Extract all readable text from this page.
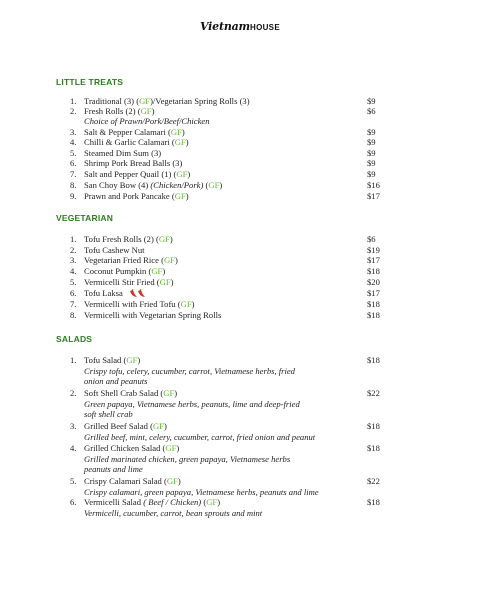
VietnamHOUSE
LITTLE TREATS
1. Traditional (3) (GF)/Vegetarian Spring Rolls (3)	$9
2. Fresh Rolls (2) (GF)	$6
Choice of Prawn/Pork/Beef/Chicken
3. Salt & Pepper Calamari (GF)	$9
4. Chilli & Garlic Calamari (GF)	$9
5. Steamed Dim Sum (3)	$9
6. Shrimp Pork Bread Balls (3)	$9
7. Salt and Pepper Quail (1) (GF)	$9
8. San Choy Bow (4) (Chicken/Pork) (GF)	$16
9. Prawn and Pork Pancake (GF)	$17
VEGETARIAN
1. Tofu Fresh Rolls (2) (GF)	$6
2. Tofu Cashew Nut	$19
3. Vegetarian Fried Rice (GF)	$17
4. Coconut Pumpkin (GF)	$18
5. Vermicelli Stir Fried (GF)	$20
6. Tofu Laksa	$17
7. Vermicelli with Fried Tofu (GF)	$18
8. Vermicelli with Vegetarian Spring Rolls	$18
SALADS
1. Tofu Salad (GF)	$18
Crispy tofu, celery, cucumber, carrot, Vietnamese herbs, fried
onion and peanuts
2. Soft Shell Crab Salad (GF)	$22
Green papaya, Vietnamese herbs, peanuts, lime and deep-fried
soft shell crab
3. Grilled Beef Salad (GF)	$18
Grilled beef, mint, celery, cucumber, carrot, fried onion and peanut
4. Grilled Chicken Salad (GF)	$18
Grilled marinated chicken, green papaya, Vietnamese herbs
peanuts and lime
5. Crispy Calamari Salad (GF)	$22
Crispy calamari, green papaya, Vietnamese herbs, peanuts and lime
6. Vermicelli Salad ( Beef / Chicken) (GF)	$18
Vermicelli, cucumber, carrot, bean sprouts and mint
